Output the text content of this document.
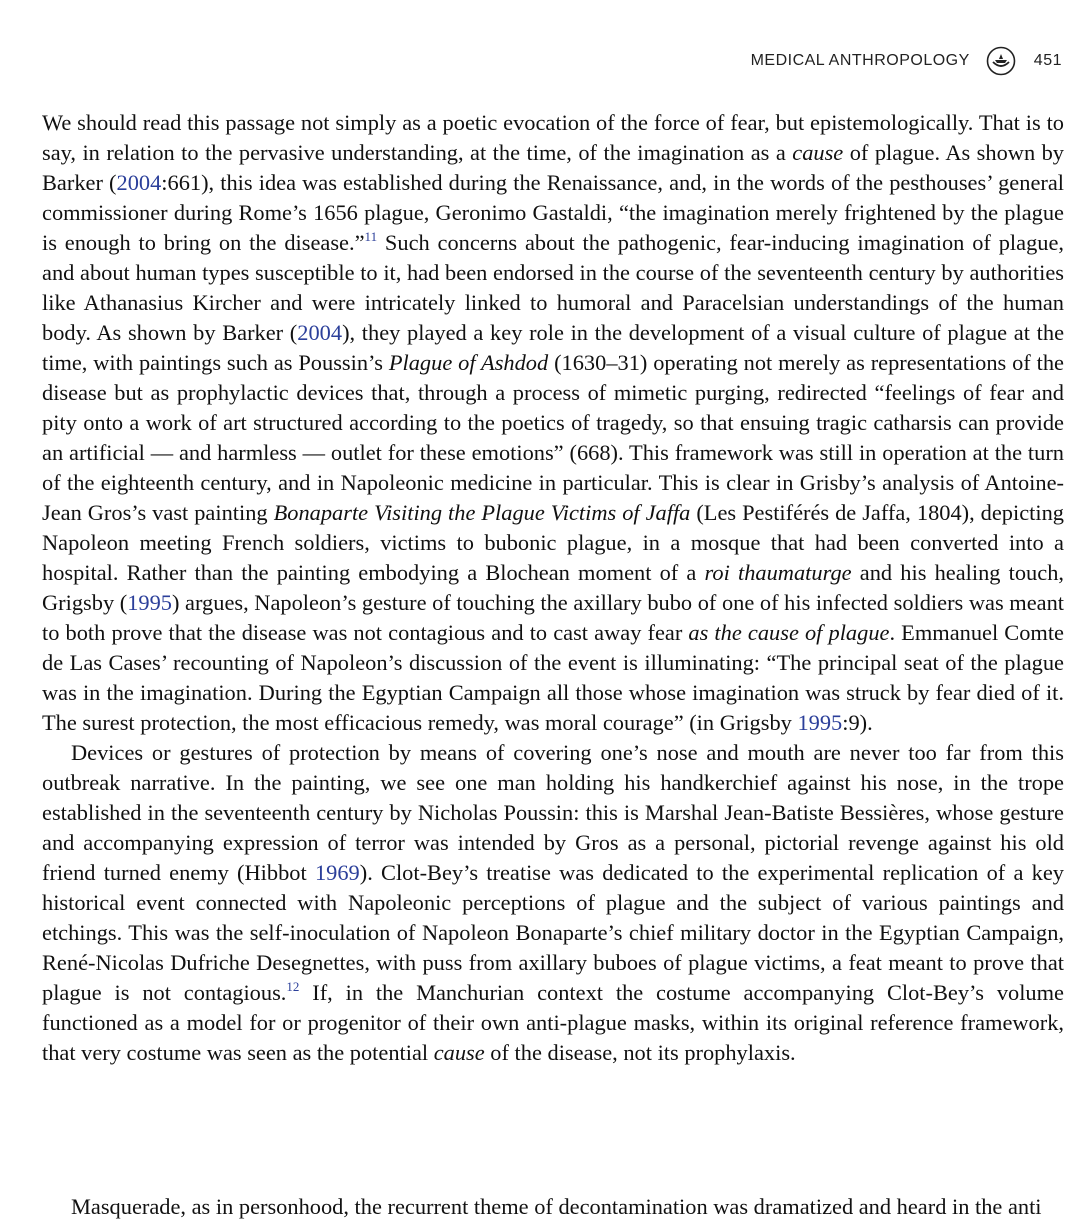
MEDICAL ANTHROPOLOGY	451

We should read this passage not simply as a poetic evocation of the force of fear, but epistemologically. That is to say, in relation to the pervasive understanding, at the time, of the imagination as a cause of plague. As shown by Barker (2004:661), this idea was established during the Renaissance, and, in the words of the pesthouses’ general commissioner during Rome’s 1656 plague, Geronimo Gastaldi, “the imagination merely frightened by the plague is enough to bring on the disease.”$^{11}$ Such concerns about the pathogenic, fear-inducing imagination of plague, and about human types susceptible to it, had been endorsed in the course of the seventeenth century by authorities like Athanasius Kircher and were intricately linked to humoral and Paracelsian understandings of the human body. As shown by Barker (2004), they played a key role in the development of a visual culture of plague at the time, with paintings such as Poussin’s Plague of Ashdod (1630–31) operating not merely as representations of the disease but as prophylactic devices that, through a process of mimetic purging, redirected “feelings of fear and pity onto a work of art structured according to the poetics of tragedy, so that ensuing tragic catharsis can provide an artificial — and harmless — outlet for these emotions” (668). This framework was still in operation at the turn of the eighteenth century, and in Napoleonic medicine in particular. This is clear in Grisby’s analysis of Antoine-Jean Gros’s vast painting Bonaparte Visiting the Plague Victims of Jaffa (Les Pestiférés de Jaffa, 1804), depicting Napoleon meeting French soldiers, victims to bubonic plague, in a mosque that had been converted into a hospital. Rather than the painting embodying a Blochean moment of a roi thaumaturge and his healing touch, Grigsby (1995) argues, Napoleon’s gesture of touching the axillary bubo of one of his infected soldiers was meant to both prove that the disease was not contagious and to cast away fear as the cause of plague. Emmanuel Comte de Las Cases’ recounting of Napoleon’s discussion of the event is illuminating: “The principal seat of the plague was in the imagination. During the Egyptian Campaign all those whose imagination was struck by fear died of it. The surest protection, the most efficacious remedy, was moral courage” (in Grigsby 1995:9).

Devices or gestures of protection by means of covering one’s nose and mouth are never too far from this outbreak narrative. In the painting, we see one man holding his handkerchief against his nose, in the trope established in the seventeenth century by Nicholas Poussin: this is Marshal Jean-Batiste Bessières, whose gesture and accompanying expression of terror was intended by Gros as a personal, pictorial revenge against his old friend turned enemy (Hibbot 1969). Clot-Bey’s treatise was dedicated to the experimental replication of a key historical event connected with Napoleonic perceptions of plague and the subject of various paintings and etchings. This was the self-inoculation of Napoleon Bonaparte’s chief military doctor in the Egyptian Campaign, René-Nicolas Dufriche Desegnettes, with puss from axillary buboes of plague victims, a feat meant to prove that plague is not contagious.$^{12}$ If, in the Manchurian context the costume accompanying Clot-Bey’s volume functioned as a model for or progenitor of their own anti-plague masks, within its original reference framework, that very costume was seen as the potential cause of the disease, not its prophylaxis.

Masquerade, as in personhood, the recurrent theme of decontamination was dramatized and heard in the anti
